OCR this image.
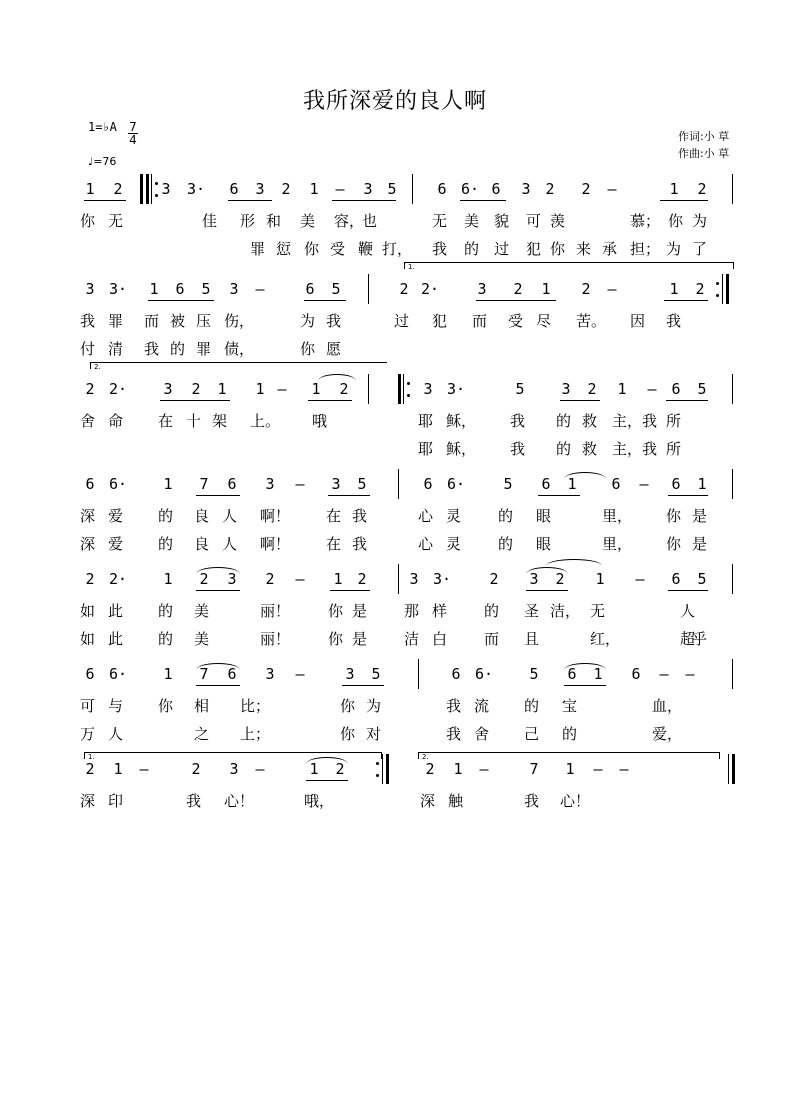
我所深爱的良人啊
作词:小 草
作曲:小 草
1=♭A 7
4
♩=76
1	2	3	3·	6	3	2	1	–	3 5	6 6· 6	3 2	2	–	1	2
你 无	佳	形 和	美	容，
也	无	美 貌	可 羡	慕； 你 为
罪 愆 你 受 鞭 打， 我	的 过	犯 你 来 承 担； 为 了
3 3·	1	6	5	3	–	6	5	2 2·	3	2	1	2	–	1	2
我 罪	而 被 压 伤，	为 我	过	犯	而	受 尽	苦。 因	我
付 清	我 的 罪 债，	你 愿
1.
2 2·	3	2	1	1 –	1	2	3 3·	5	3	2	1	– 6	5
舍 命	在 十 架	上。 哦	耶 稣， 我	的 救 主， 我 所
耶 稣， 我	的 救 主， 我 所
2.
6 6·	1	7	6	3	–	3	5	6 6·	5	6	1	6	–	6	1
深 爱	的	良 人	啊！ 在 我	心 灵	的	眼	里， 你 是
深 爱	的	良 人	啊！ 在 我	心 灵	的	眼	里， 你 是
2 2·	1	2	3	2	–	1 2	3 3·	2	3	2	1	–	6	5
如 此	的	美	丽！	你 是	那 样	的	圣 洁， 无	人
如 此	的	美	丽！	你 是	洁 白	而	且	红，	超
乎
6 6·	1	7	6	3	–	3	5	6 6·	5	6	1	6	–	–
可 与	你	相	比；	你 为	我 流	的	宝	血，
万 人	之	上；	你 对	我 舍	己	的	爱，
2.
2	1	–	2	3	–	1	2	2	1	–	7	1	–	–
深 印	我	心！	哦，	深 触	我	心！
1.
